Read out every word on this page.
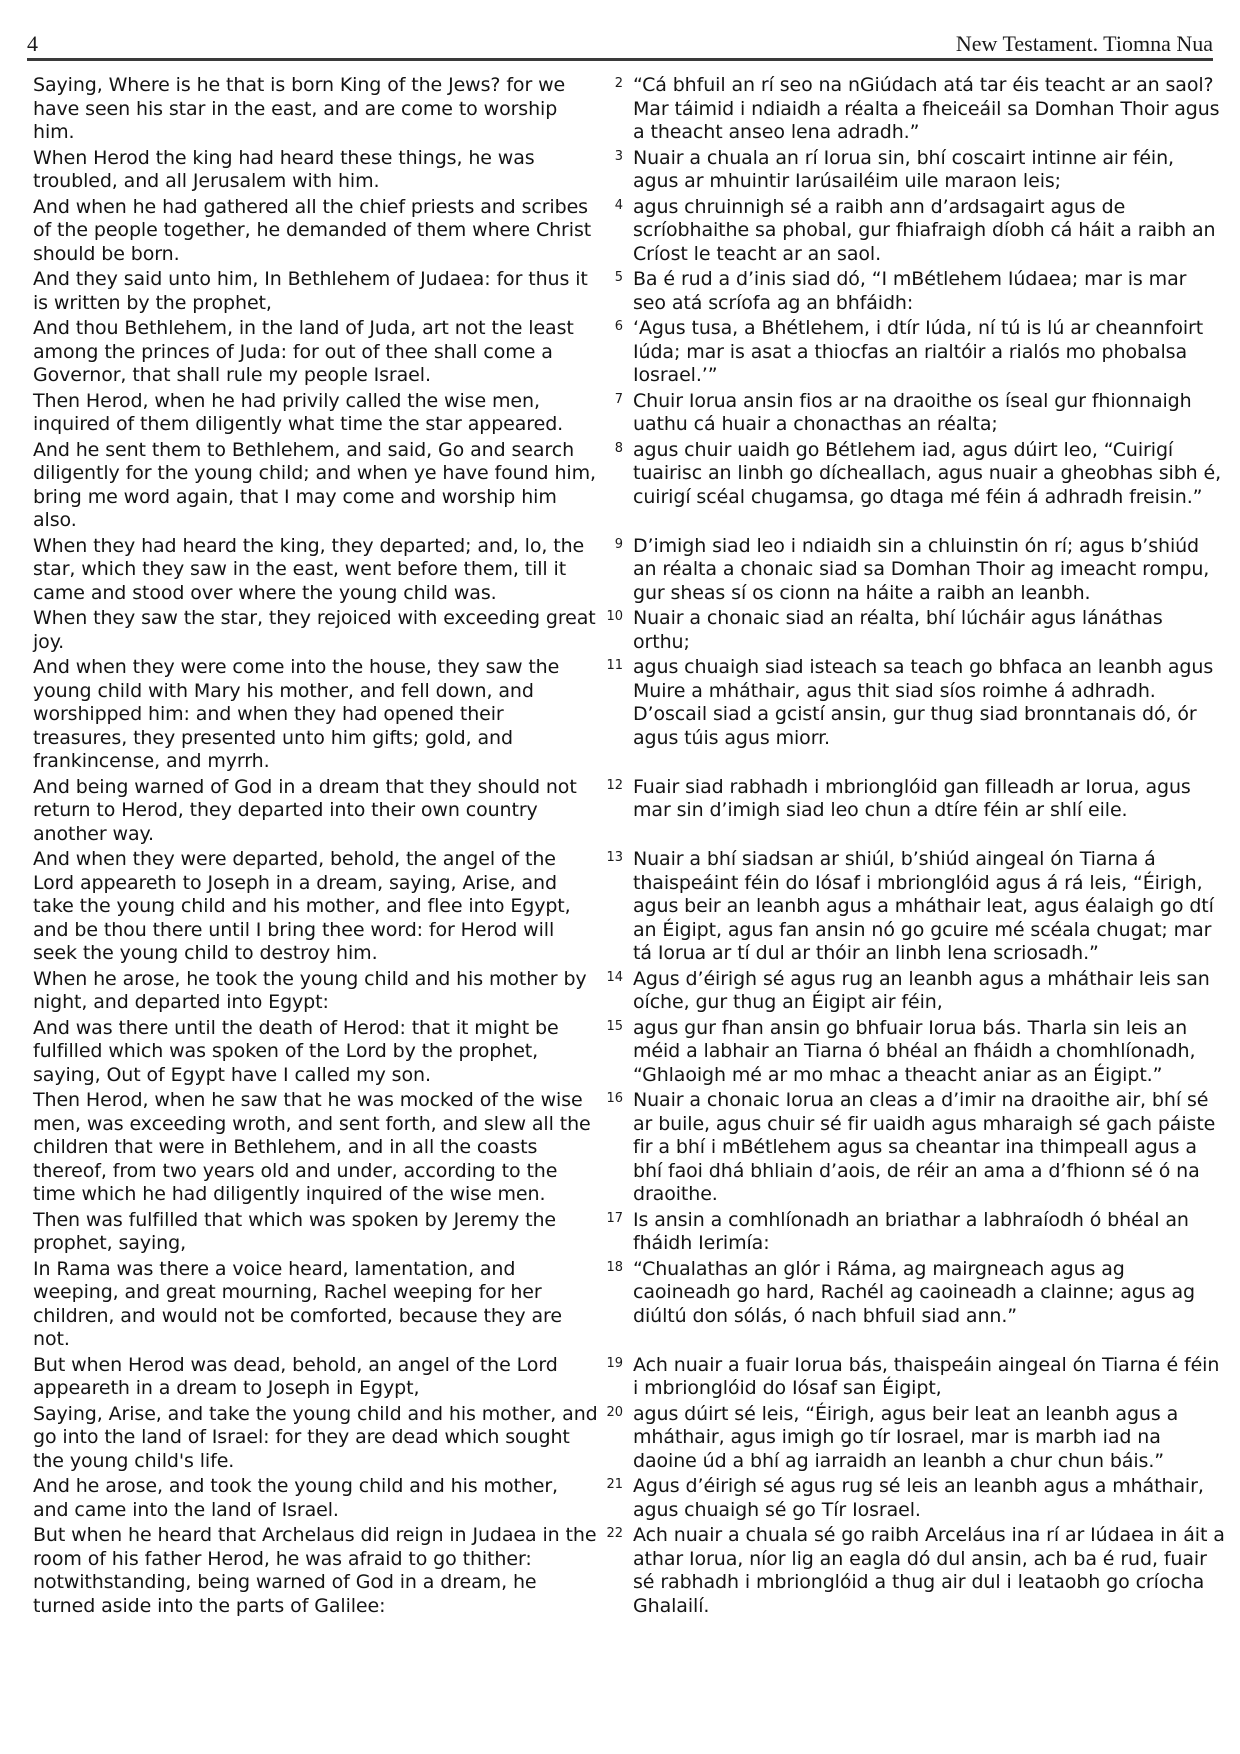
4	New Testament. Tiomna Nua
Saying, Where is he that is born King of the Jews? for we have seen his star in the east, and are come to worship him.
2 “Cá bhfuil an rí seo na nGiúdach atá tar éis teacht ar an saol? Mar táimid i ndiaidh a réalta a fheiceáil sa Domhan Thoir agus a theacht anseo lena adradh.”
When Herod the king had heard these things, he was troubled, and all Jerusalem with him.
3 Nuair a chuala an rí Iorua sin, bhí coscairt intinne air féin, agus ar mhuintir Iarúsailéim uile maraon leis;
And when he had gathered all the chief priests and scribes of the people together, he demanded of them where Christ should be born.
4 agus chruinnigh sé a raibh ann d’ardsagairt agus de scríobhaithe sa phobal, gur fhiafraigh díobh cá háit a raibh an Críost le teacht ar an saol.
And they said unto him, In Bethlehem of Judaea: for thus it is written by the prophet,
5 Ba é rud a d’inis siad dó, “I mBétlehem Iúdaea; mar is mar seo atá scríofa ag an bhfáidh:
And thou Bethlehem, in the land of Juda, art not the least among the princes of Juda: for out of thee shall come a Governor, that shall rule my people Israel.
6 ‘Agus tusa, a Bhétlehem, i dtír Iúda, ní tú is lú ar cheannfoirt Iúda; mar is asat a thiocfas an rialtóir a rialós mo phobalsa Iosrael.’”
Then Herod, when he had privily called the wise men, inquired of them diligently what time the star appeared.
7 Chuir Iorua ansin fios ar na draoithe os íseal gur fhionnaigh uathu cá huair a chonacthas an réalta;
And he sent them to Bethlehem, and said, Go and search diligently for the young child; and when ye have found him, bring me word again, that I may come and worship him also.
8 agus chuir uaidh go Bétlehem iad, agus dúirt leo, “Cuirigí tuairisc an linbh go dícheallach, agus nuair a gheobhas sibh é, cuirigí scéal chugamsa, go dtaga mé féin á adhradh freisin.”
When they had heard the king, they departed; and, lo, the star, which they saw in the east, went before them, till it came and stood over where the young child was.
9 D’imigh siad leo i ndiaidh sin a chluinstin ón rí; agus b’shiúd an réalta a chonaic siad sa Domhan Thoir ag imeacht rompu, gur sheas sí os cionn na háite a raibh an leanbh.
When they saw the star, they rejoiced with exceeding great joy.
10 Nuair a chonaic siad an réalta, bhí lúcháir agus lánáthas orthu;
And when they were come into the house, they saw the young child with Mary his mother, and fell down, and worshipped him: and when they had opened their treasures, they presented unto him gifts; gold, and frankincense, and myrrh.
11 agus chuaigh siad isteach sa teach go bhfaca an leanbh agus Muire a mháthair, agus thit siad síos roimhe á adhradh. D’oscail siad a gcistí ansin, gur thug siad bronntanais dó, ór agus túis agus miorr.
And being warned of God in a dream that they should not return to Herod, they departed into their own country another way.
12 Fuair siad rabhadh i mbrionglóid gan filleadh ar Iorua, agus mar sin d’imigh siad leo chun a dtíre féin ar shlí eile.
And when they were departed, behold, the angel of the Lord appeareth to Joseph in a dream, saying, Arise, and take the young child and his mother, and flee into Egypt, and be thou there until I bring thee word: for Herod will seek the young child to destroy him.
13 Nuair a bhí siadsan ar shiúl, b’shiúd aingeal ón Tiarna á thaispeáint féin do Iósaf i mbrionglóid agus á rá leis, “Éirigh, agus beir an leanbh agus a mháthair leat, agus éalaigh go dtí an Éigipt, agus fan ansin nó go gcuire mé scéala chugat; mar tá Iorua ar tí dul ar thóir an linbh lena scriosadh.”
When he arose, he took the young child and his mother by night, and departed into Egypt:
14 Agus d’éirigh sé agus rug an leanbh agus a mháthair leis san oíche, gur thug an Éigipt air féin,
And was there until the death of Herod: that it might be fulfilled which was spoken of the Lord by the prophet, saying, Out of Egypt have I called my son.
15 agus gur fhan ansin go bhfuair Iorua bás. Tharla sin leis an méid a labhair an Tiarna ó bhéal an fháidh a chomhlíonadh, “Ghlaoigh mé ar mo mhac a theacht aniar as an Éigipt.”
Then Herod, when he saw that he was mocked of the wise men, was exceeding wroth, and sent forth, and slew all the children that were in Bethlehem, and in all the coasts thereof, from two years old and under, according to the time which he had diligently inquired of the wise men.
16 Nuair a chonaic Iorua an cleas a d’imir na draoithe air, bhí sé ar buile, agus chuir sé fir uaidh agus mharaigh sé gach páiste fir a bhí i mBétlehem agus sa cheantar ina thimpeall agus a bhí faoi dhá bhliain d’aois, de réir an ama a d’fhionn sé ó na draoithe.
Then was fulfilled that which was spoken by Jeremy the prophet, saying,
17 Is ansin a comhlíonadh an briathar a labhraíodh ó bhéal an fháidh Ierimía:
In Rama was there a voice heard, lamentation, and weeping, and great mourning, Rachel weeping for her children, and would not be comforted, because they are not.
18 “Chualathas an glór i Ráma, ag mairgneach agus ag caoineadh go hard, Rachél ag caoineadh a clainne; agus ag diúltú don sólás, ó nach bhfuil siad ann.”
But when Herod was dead, behold, an angel of the Lord appeareth in a dream to Joseph in Egypt,
19 Ach nuair a fuair Iorua bás, thaispeáin aingeal ón Tiarna é féin i mbrionglóid do Iósaf san Éigipt,
Saying, Arise, and take the young child and his mother, and go into the land of Israel: for they are dead which sought the young child's life.
20 agus dúirt sé leis, “Éirigh, agus beir leat an leanbh agus a mháthair, agus imigh go tír Iosrael, mar is marbh iad na daoine úd a bhí ag iarraidh an leanbh a chur chun báis.”
And he arose, and took the young child and his mother, and came into the land of Israel.
21 Agus d’éirigh sé agus rug sé leis an leanbh agus a mháthair, agus chuaigh sé go Tír Iosrael.
But when he heard that Archelaus did reign in Judaea in the room of his father Herod, he was afraid to go thither: notwithstanding, being warned of God in a dream, he turned aside into the parts of Galilee:
22 Ach nuair a chuala sé go raibh Arceláus ina rí ar Iúdaea in áit a athar Iorua, níor lig an eagla dó dul ansin, ach ba é rud, fuair sé rabhadh i mbrionglóid a thug air dul i leataobh go críocha Ghalailí.
